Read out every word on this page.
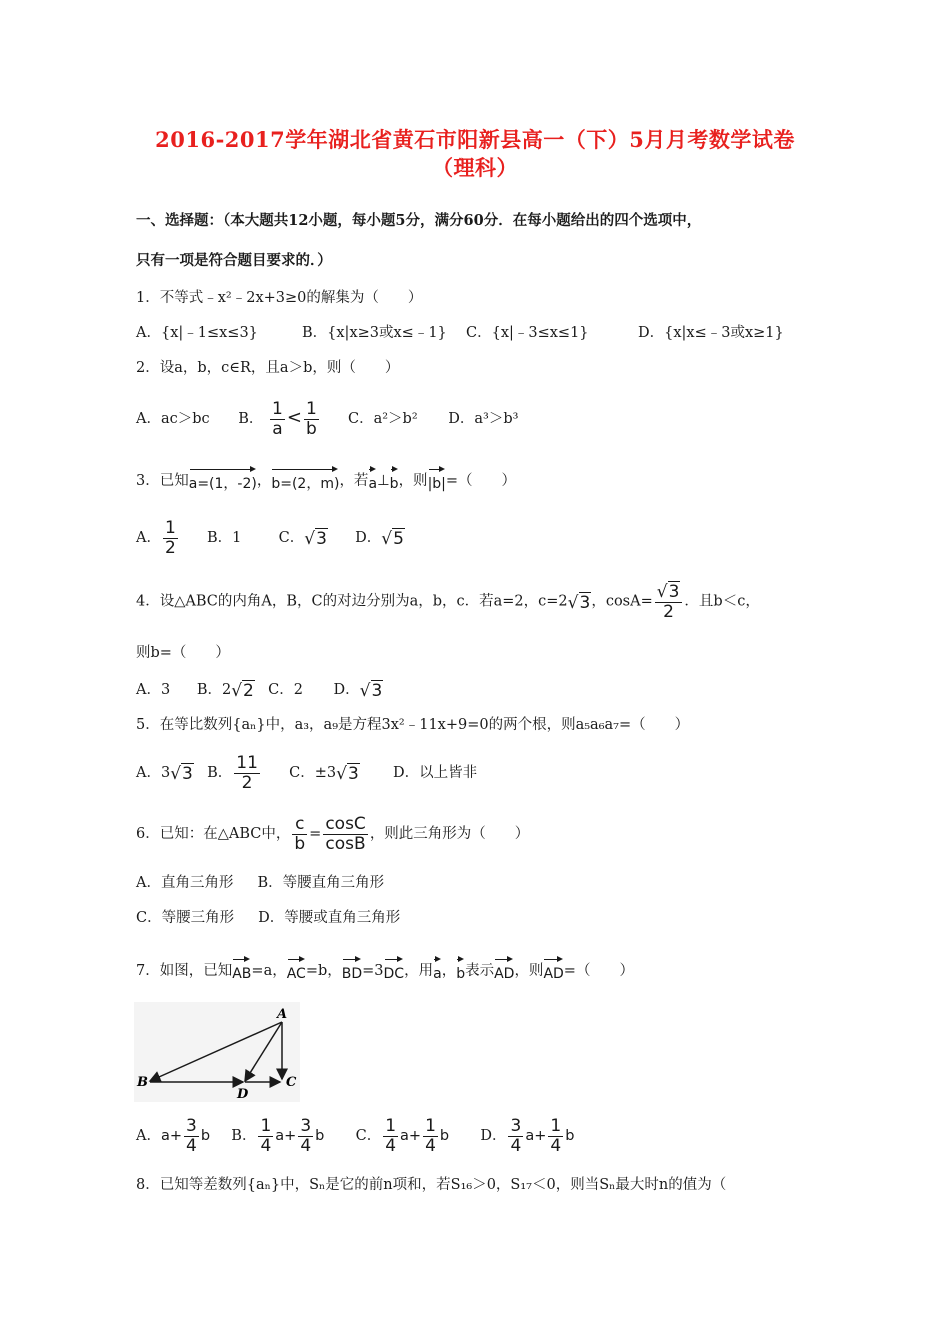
2016-2017学年湖北省黄石市阳新县高一（下）5月月考数学试卷
（理科）
一、选择题：（本大题共12小题，每小题5分，满分60分．在每小题给出的四个选项中，
只有一项是符合题目要求的．）
1．不等式﹣x²﹣2x+3≥0的解集为（　　）
A．{x|﹣1≤x≤3}	B．{x|x≥3或x≤﹣1} C．{x|﹣3≤x≤1}	D．{x|x≤﹣3或x≥1}
2．设a，b，c∈R，且a＞b，则（　　）
A．ac＞bc B． $\frac{1}{a} < \frac{1}{b}$ C．a²＞b² D．a³＞b³
3．已知a=(1，-2)，b=(2，m)，若a⊥b，则|b|=（　　）
A． $\frac{1}{2}$ B．1	C．√3 D．√5
4．设△ABC的内角A，B，C的对边分别为a，b，c．若a=2，c=2√3，$\cos A= \frac{√3}{2}$ ．且b＜c，
则b=（　　）
A．3 B．2√2 C．2 D．√3
5．在等比数列{aₙ}中，a₃，a₉是方程3x²﹣11x+9=0的两个根，则a₅a₆a₇=（　　）
A．3√3 B． $\frac{11}{2}$ C．±3√3 D．以上皆非
6．已知：在△ABC中， $\frac{c}{b} = \frac{\cos C}{\cos B}$ ，则此三角形为（　　）
A．直角三角形 B．等腰直角三角形
C．等腰三角形 D．等腰或直角三角形
7．如图，已知AB=a，AC=b，BD=3DC，用a，b表示AD，则AD=（　　）
A
B	C
D
A．$a+ \frac{3}{4}$ b B． $\frac{1}{4} a+ \frac{3}{4}$ b C． $\frac{1}{4} a+ \frac{1}{4}$ b D． $\frac{3}{4} a+ \frac{1}{4}$ b
8．已知等差数列{aₙ}中，Sₙ是它的前n项和，若S₁₆＞0，S₁₇＜0，则当Sₙ最大时n的值为（
